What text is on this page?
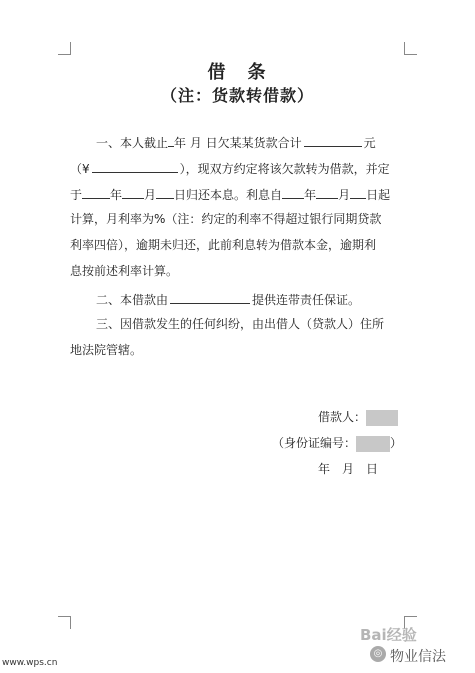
借　条
（注：货款转借款）
一、本人截止 年 月 日欠某某货款合计	元
（¥	），现双方约定将该欠款转为借款，并定
于 年 月 日归还本息。利息自 年 月 日起
计算，月利率为%（注：约定的利率不得超过银行同期贷款
利率四倍），逾期未归还，此前利息转为借款本金，逾期利
息按前述利率计算。
二、本借款由	提供连带责任保证。
三、因借款发生的任何纠纷，由出借人（贷款人）住所
地法院管辖。
借款人：
（身份证编号：	）
年　月　日
www.wps.cn
Bai经验
◎ 物业信法
